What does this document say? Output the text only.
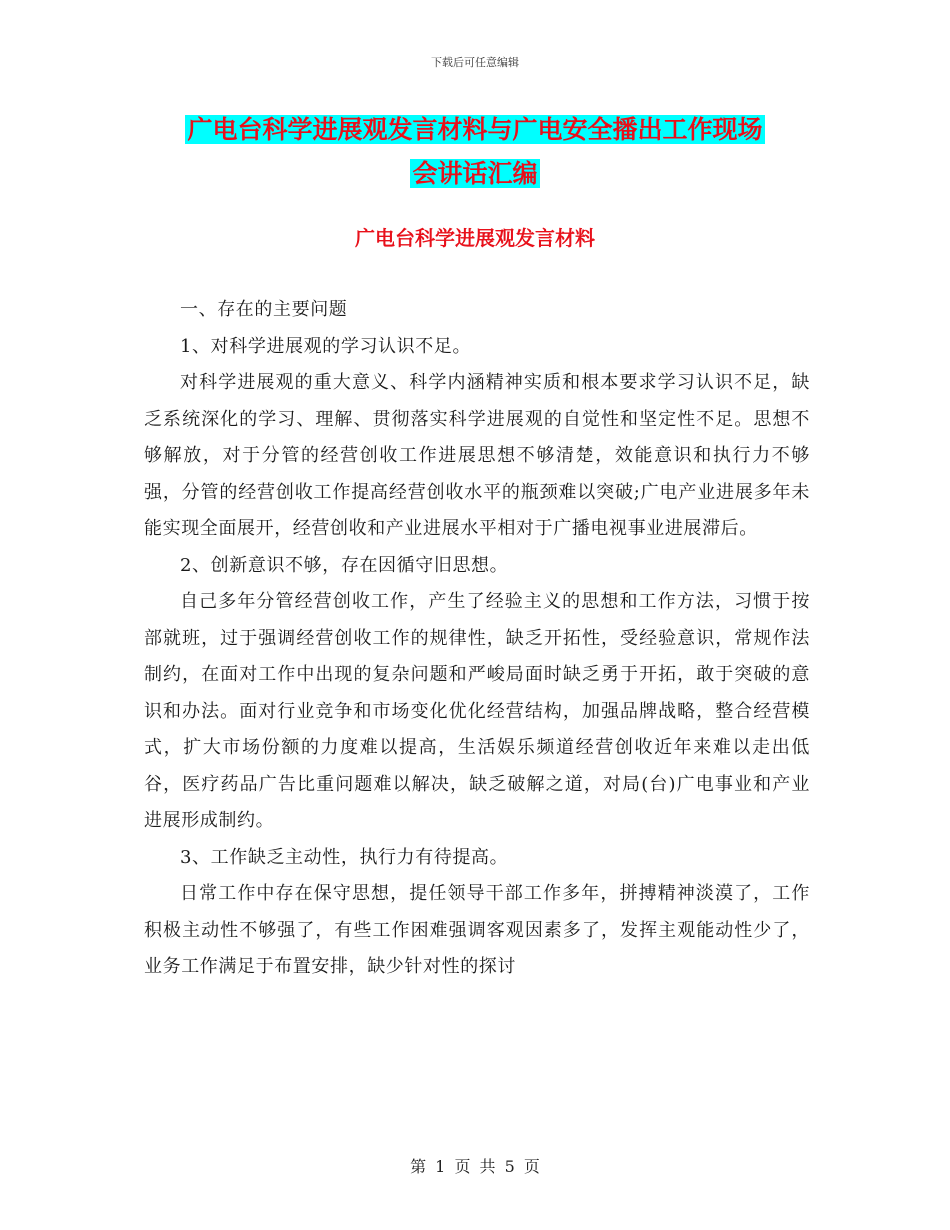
下载后可任意编辑
广电台科学进展观发言材料与广电安全播出工作现场
会讲话汇编
广电台科学进展观发言材料

一、存在的主要问题

1、对科学进展观的学习认识不足。

对科学进展观的重大意义、科学内涵精神实质和根本要求学习认识不足，缺乏系统深化的学习、理解、贯彻落实科学进展观的自觉性和坚定性不足。思想不够解放，对于分管的经营创收工作进展思想不够清楚，效能意识和执行力不够强，分管的经营创收工作提高经营创收水平的瓶颈难以突破;广电产业进展多年未能实现全面展开，经营创收和产业进展水平相对于广播电视事业进展滞后。

2、创新意识不够，存在因循守旧思想。

自己多年分管经营创收工作，产生了经验主义的思想和工作方法，习惯于按部就班，过于强调经营创收工作的规律性，缺乏开拓性，受经验意识，常规作法制约，在面对工作中出现的复杂问题和严峻局面时缺乏勇于开拓，敢于突破的意识和办法。面对行业竞争和市场变化优化经营结构，加强品牌战略，整合经营模式，扩大市场份额的力度难以提高，生活娱乐频道经营创收近年来难以走出低谷，医疗药品广告比重问题难以解决，缺乏破解之道，对局(台)广电事业和产业进展形成制约。

3、工作缺乏主动性，执行力有待提高。

日常工作中存在保守思想，提任领导干部工作多年，拼搏精神淡漠了，工作积极主动性不够强了，有些工作困难强调客观因素多了，发挥主观能动性少了，业务工作满足于布置安排，缺少针对性的探讨

第 1 页 共 5 页
